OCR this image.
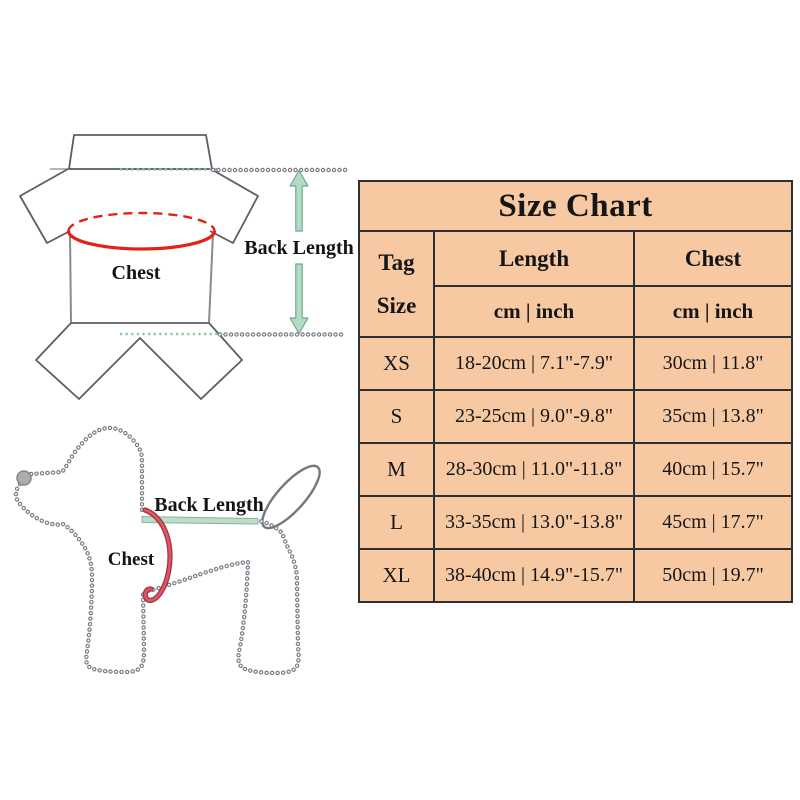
Chest
Back Length
Back Length
Chest
Size Chart		

Tag
Size	Length	Chest

	cm | inch	cm | inch

XS	18-20cm | 7.1"-7.9"	30cm | 11.8"
S	23-25cm | 9.0"-9.8"	35cm | 13.8"
M	28-30cm | 11.0"-11.8"	40cm | 15.7"
L	33-35cm | 13.0"-13.8"	45cm | 17.7"
XL	38-40cm | 14.9"-15.7"	50cm | 19.7"
